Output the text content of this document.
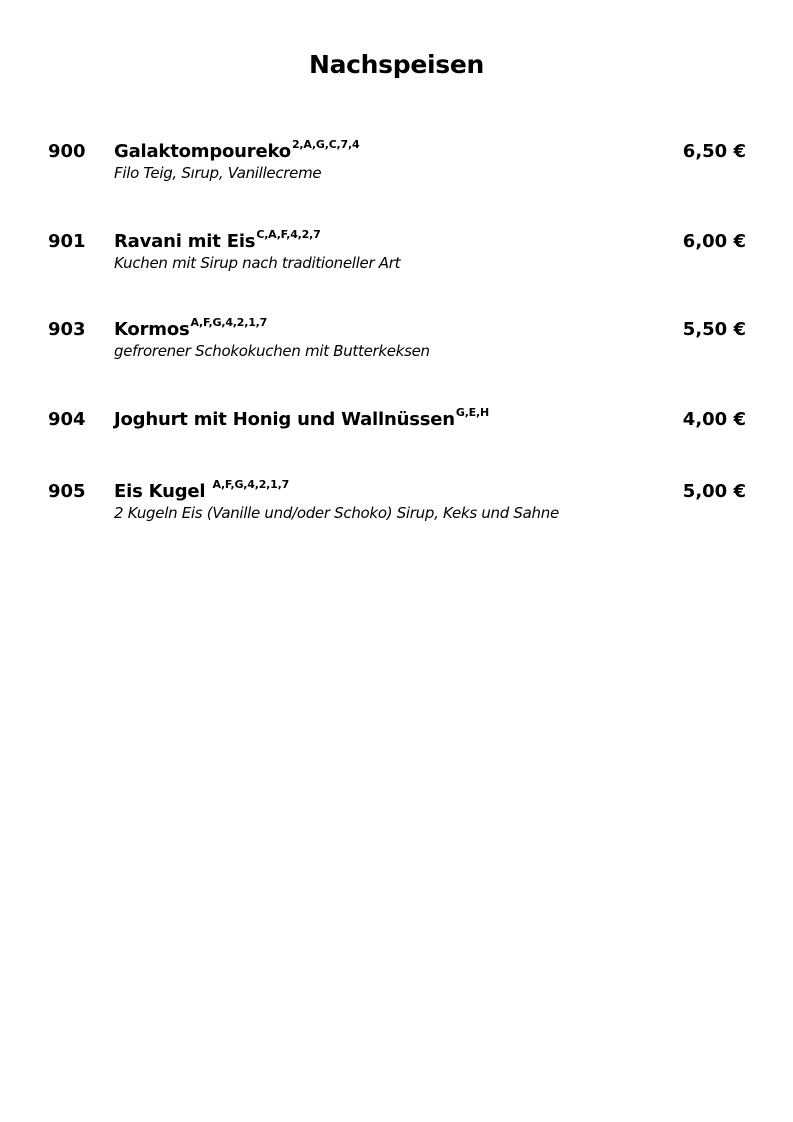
Nachspeisen
900 Galaktompoureko$^{2,A,G,C,7,4}$
Filo Teig, Sırup, Vanillecreme
6,50 €
901 Ravani mit Eis$^{C,A,F,4,2,7}$
Kuchen mit Sirup nach traditioneller Art
6,00 €
903 Kormos$^{A,F,G,4,2,1,7}$
gefrorener Schokokuchen mit Butterkeksen
5,50 €
904 Joghurt mit Honig und Wallnüssen$^{G,E,H}$	4,00 €
905 Eis Kugel $^{A,F,G,4,2,1,7}$
2 Kugeln Eis (Vanille und/oder Schoko) Sirup, Keks und Sahne
5,00 €
